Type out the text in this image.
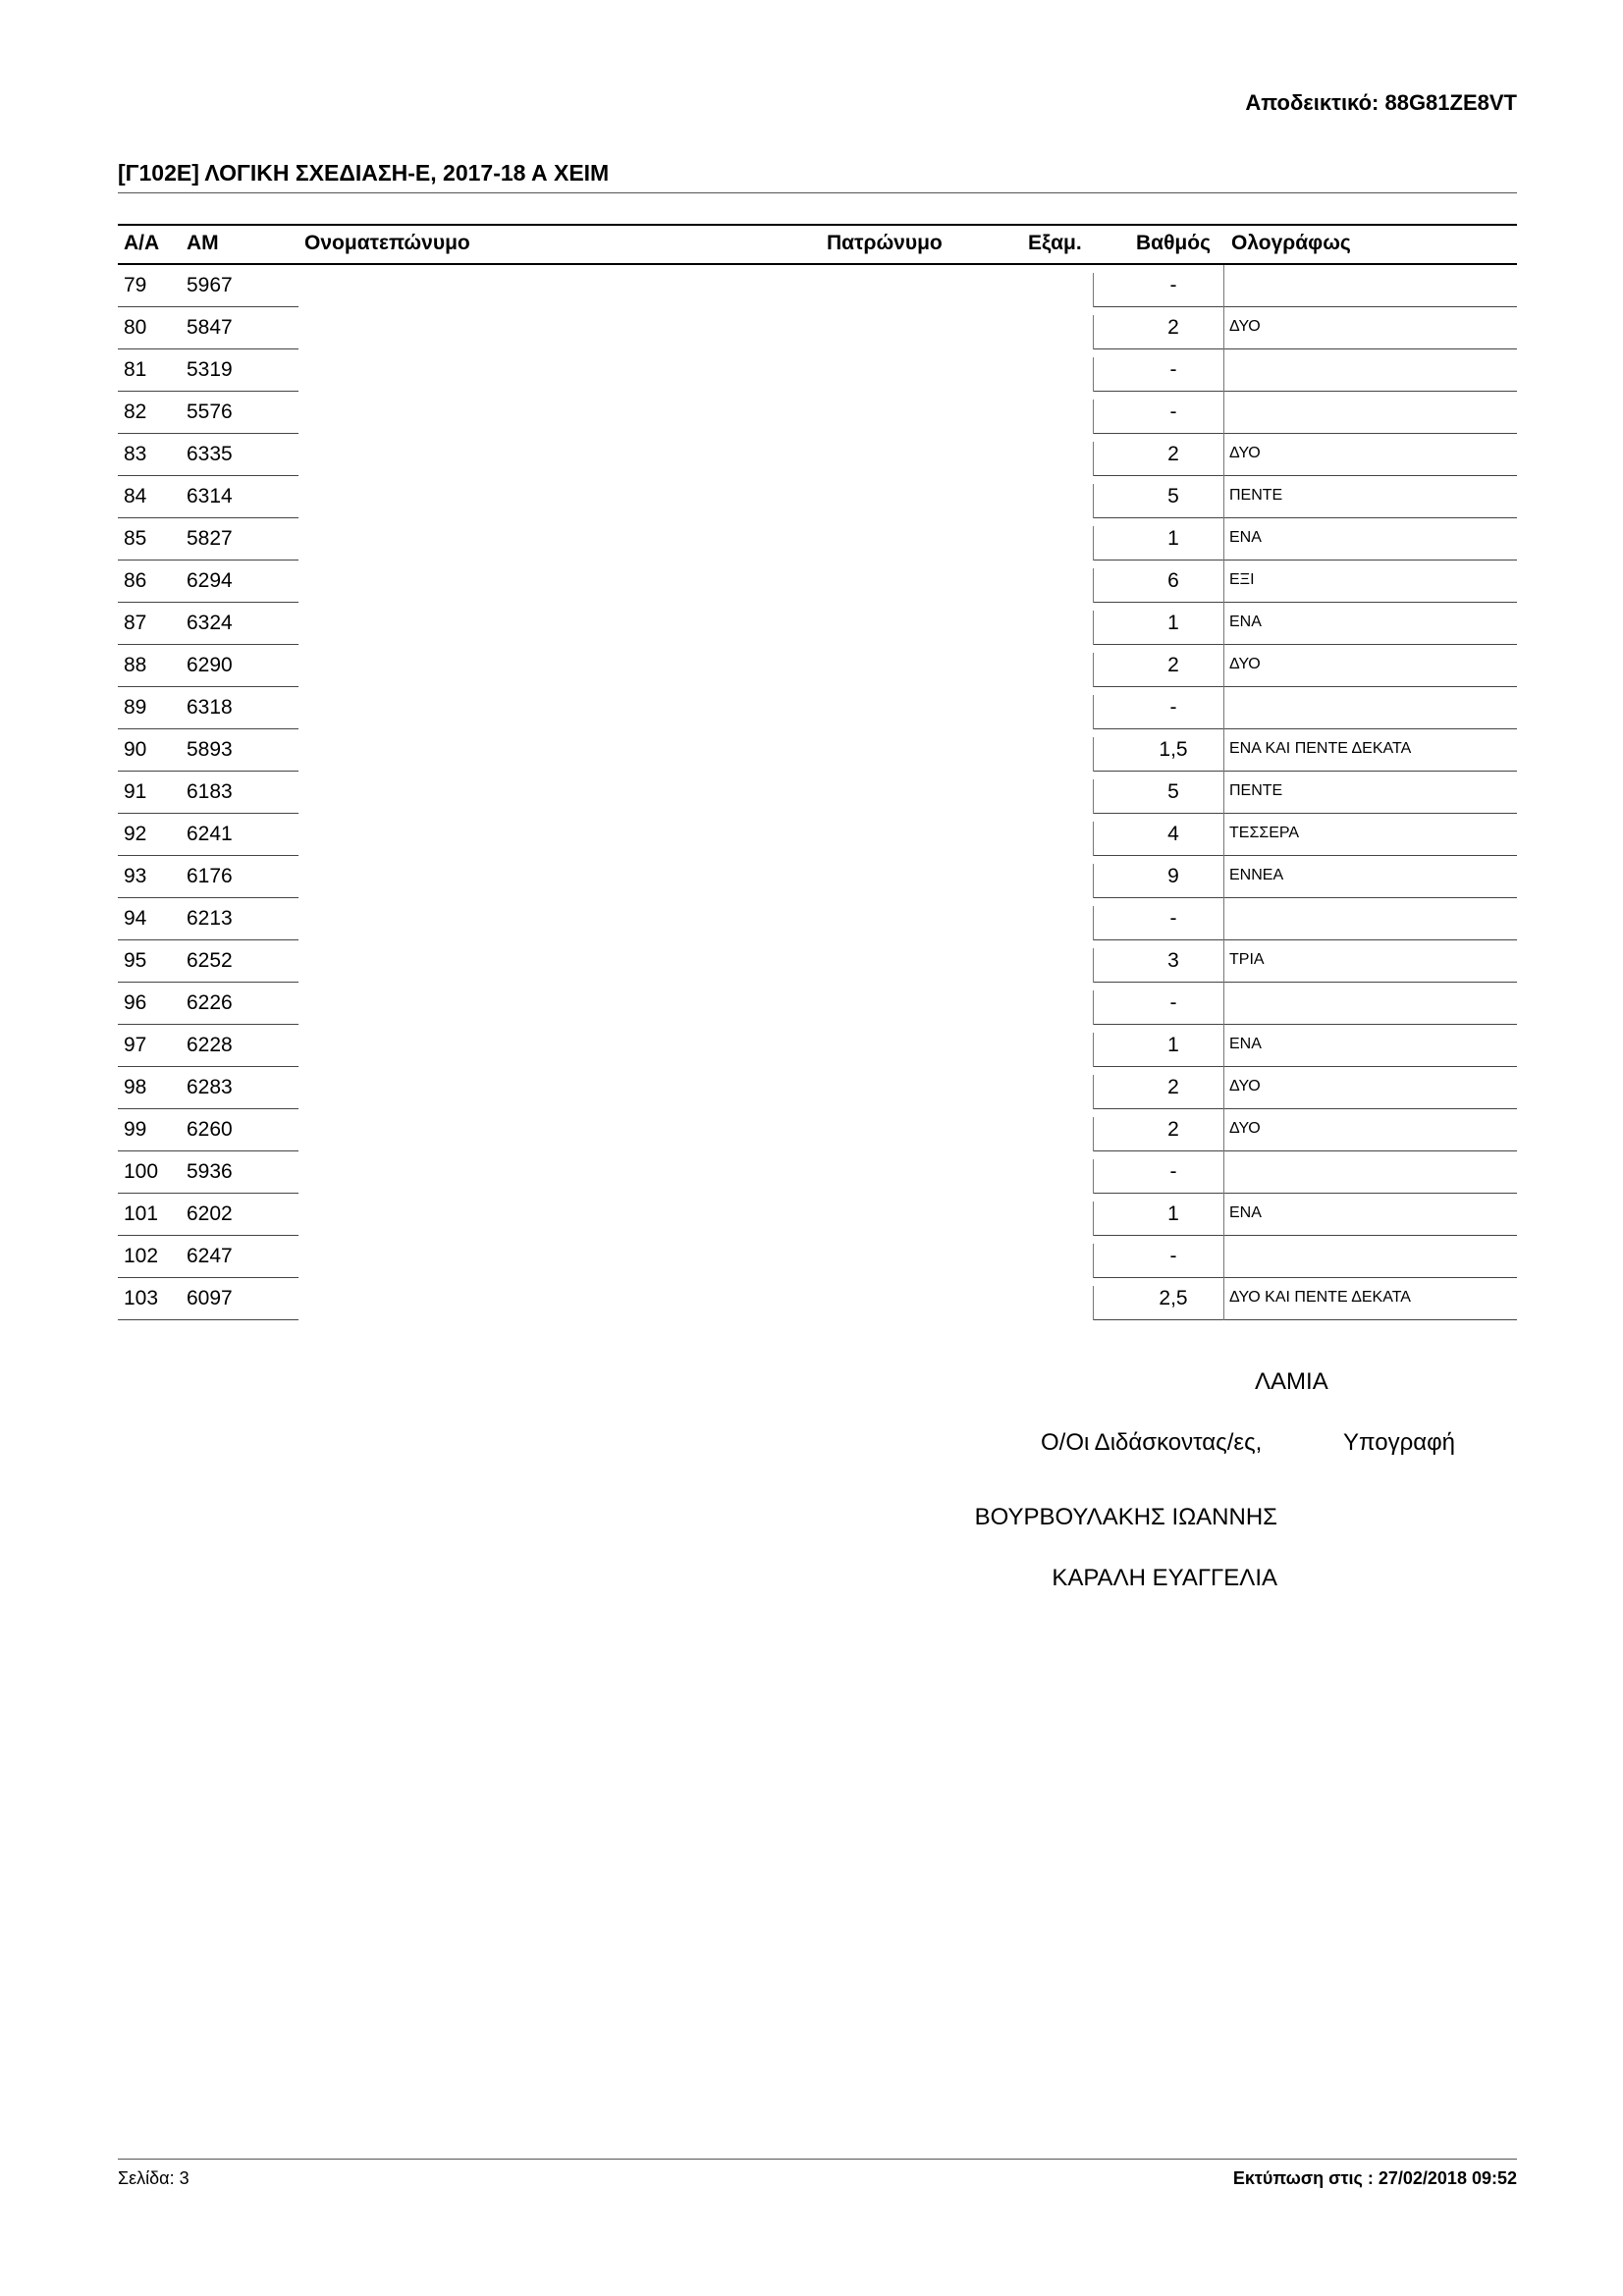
Αποδεικτικό: 88G81ZE8VT
[Γ102Ε] ΛΟΓΙΚΗ ΣΧΕΔΙΑΣΗ-Ε, 2017-18 Α ΧΕΙΜ
Α/Α ΑΜ	Ονοματεπώνυμο	Πατρώνυμο	Εξαμ.	Βαθμός Ολογράφως
79 5967	-
80 5847	2	ΔΥΟ
81 5319	-
82 5576	-
83 6335	2	ΔΥΟ
84 6314	5	ΠΕΝΤΕ
85 5827	1	ΕΝΑ
86 6294	6	ΕΞΙ
87 6324	1	ΕΝΑ
88 6290	2	ΔΥΟ
89 6318	-
90 5893	1,5	ΕΝΑ ΚΑΙ ΠΕΝΤΕ ΔΕΚΑΤΑ
91 6183	5	ΠΕΝΤΕ
92 6241	4	ΤΕΣΣΕΡΑ
93 6176	9	ΕΝΝΕΑ
94 6213	-
95 6252	3	ΤΡΙΑ
96 6226	-
97 6228	1	ΕΝΑ
98 6283	2	ΔΥΟ
99 6260	2	ΔΥΟ
100 5936	-
101 6202	1	ΕΝΑ
102 6247	-
103 6097	2,5	ΔΥΟ ΚΑΙ ΠΕΝΤΕ ΔΕΚΑΤΑ
ΛΑΜΙΑ
Ο/Οι Διδάσκοντας/ες,	Υπογραφή
ΒΟΥΡΒΟΥΛΑΚΗΣ ΙΩΑΝΝΗΣ
ΚΑΡΑΛΗ ΕΥΑΓΓΕΛΙΑ
Σελίδα: 3	Εκτύπωση στις : 27/02/2018 09:52
